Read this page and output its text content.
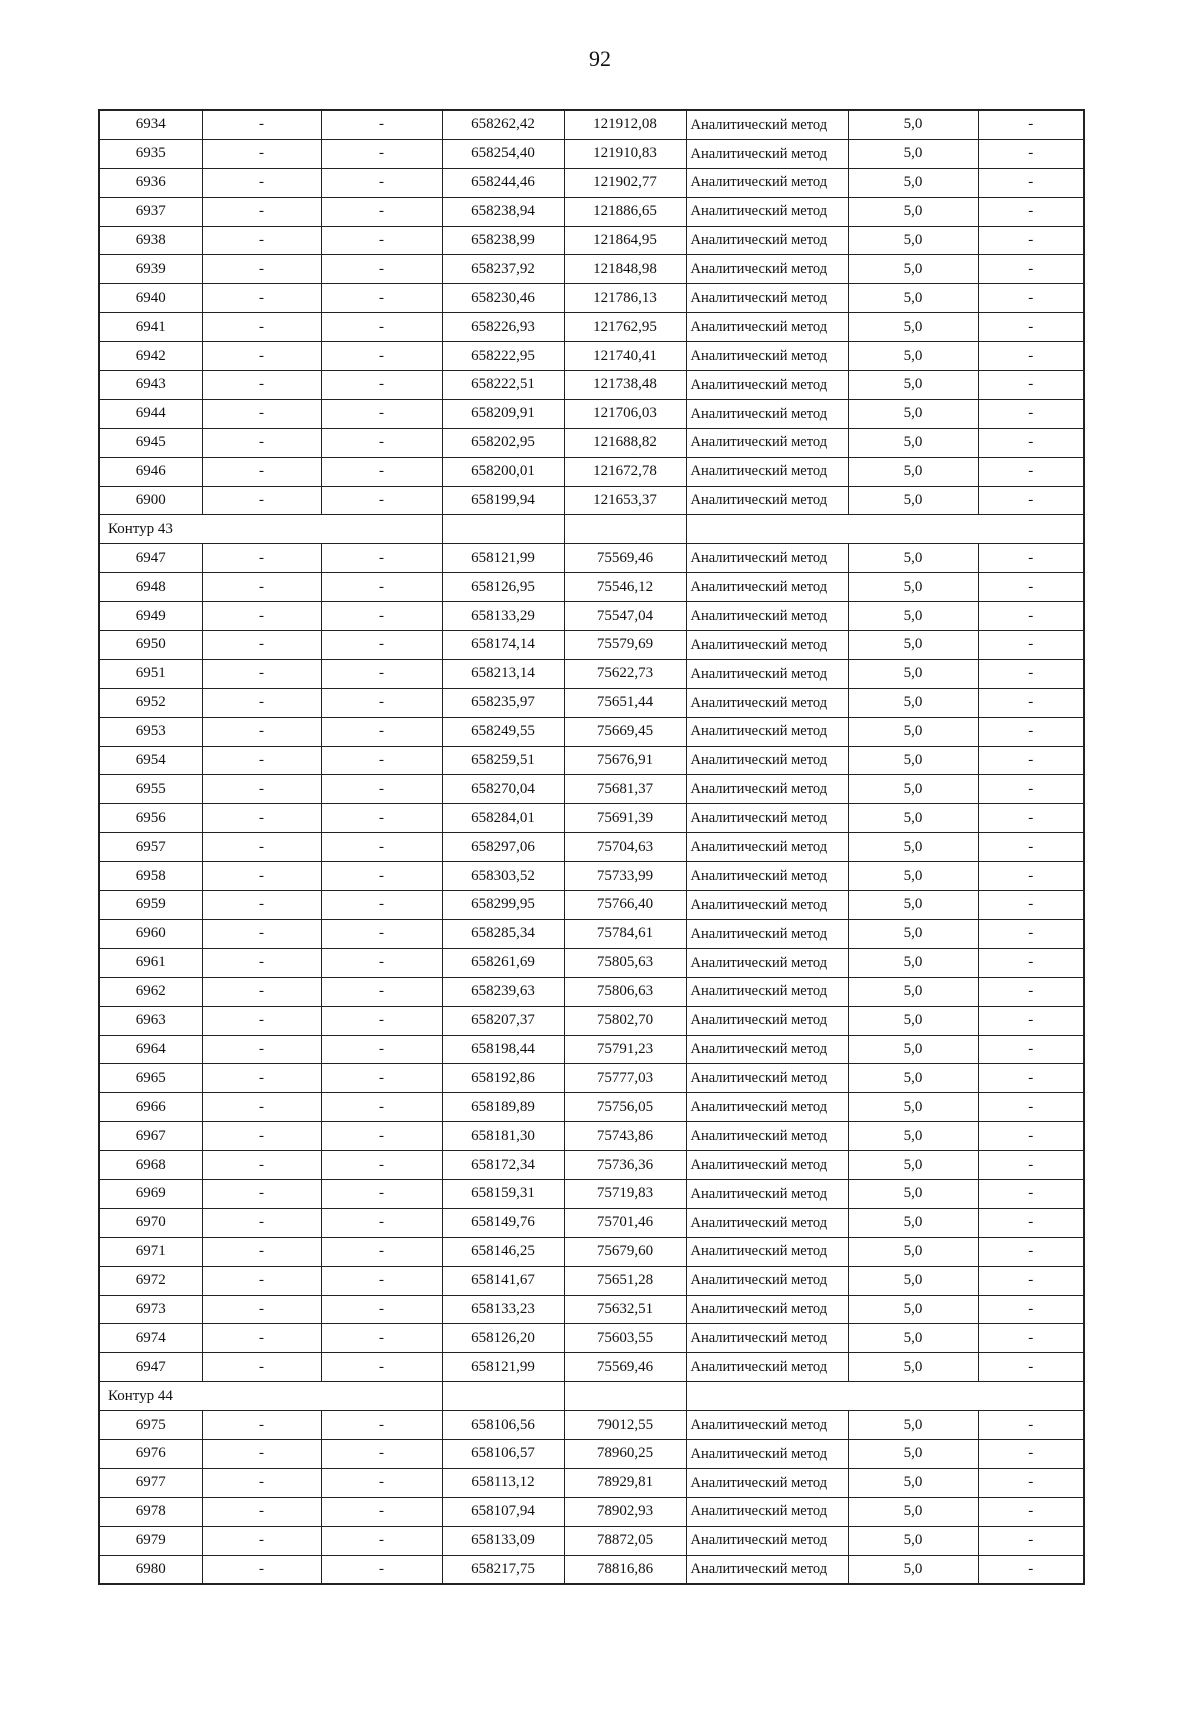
92
6934	-	-	658262,42	121912,08	Аналитический метод	5,0	-
6935	-	-	658254,40	121910,83	Аналитический метод	5,0	-
6936	-	-	658244,46	121902,77	Аналитический метод	5,0	-
6937	-	-	658238,94	121886,65	Аналитический метод	5,0	-
6938	-	-	658238,99	121864,95	Аналитический метод	5,0	-
6939	-	-	658237,92	121848,98	Аналитический метод	5,0	-
6940	-	-	658230,46	121786,13	Аналитический метод	5,0	-
6941	-	-	658226,93	121762,95	Аналитический метод	5,0	-
6942	-	-	658222,95	121740,41	Аналитический метод	5,0	-
6943	-	-	658222,51	121738,48	Аналитический метод	5,0	-
6944	-	-	658209,91	121706,03	Аналитический метод	5,0	-
6945	-	-	658202,95	121688,82	Аналитический метод	5,0	-
6946	-	-	658200,01	121672,78	Аналитический метод	5,0	-
6900	-	-	658199,94	121653,37	Аналитический метод	5,0	-
Контур 43							
6947	-	-	658121,99	75569,46	Аналитический метод	5,0	-
6948	-	-	658126,95	75546,12	Аналитический метод	5,0	-
6949	-	-	658133,29	75547,04	Аналитический метод	5,0	-
6950	-	-	658174,14	75579,69	Аналитический метод	5,0	-
6951	-	-	658213,14	75622,73	Аналитический метод	5,0	-
6952	-	-	658235,97	75651,44	Аналитический метод	5,0	-
6953	-	-	658249,55	75669,45	Аналитический метод	5,0	-
6954	-	-	658259,51	75676,91	Аналитический метод	5,0	-
6955	-	-	658270,04	75681,37	Аналитический метод	5,0	-
6956	-	-	658284,01	75691,39	Аналитический метод	5,0	-
6957	-	-	658297,06	75704,63	Аналитический метод	5,0	-
6958	-	-	658303,52	75733,99	Аналитический метод	5,0	-
6959	-	-	658299,95	75766,40	Аналитический метод	5,0	-
6960	-	-	658285,34	75784,61	Аналитический метод	5,0	-
6961	-	-	658261,69	75805,63	Аналитический метод	5,0	-
6962	-	-	658239,63	75806,63	Аналитический метод	5,0	-
6963	-	-	658207,37	75802,70	Аналитический метод	5,0	-
6964	-	-	658198,44	75791,23	Аналитический метод	5,0	-
6965	-	-	658192,86	75777,03	Аналитический метод	5,0	-
6966	-	-	658189,89	75756,05	Аналитический метод	5,0	-
6967	-	-	658181,30	75743,86	Аналитический метод	5,0	-
6968	-	-	658172,34	75736,36	Аналитический метод	5,0	-
6969	-	-	658159,31	75719,83	Аналитический метод	5,0	-
6970	-	-	658149,76	75701,46	Аналитический метод	5,0	-
6971	-	-	658146,25	75679,60	Аналитический метод	5,0	-
6972	-	-	658141,67	75651,28	Аналитический метод	5,0	-
6973	-	-	658133,23	75632,51	Аналитический метод	5,0	-
6974	-	-	658126,20	75603,55	Аналитический метод	5,0	-
6947	-	-	658121,99	75569,46	Аналитический метод	5,0	-
Контур 44							
6975	-	-	658106,56	79012,55	Аналитический метод	5,0	-
6976	-	-	658106,57	78960,25	Аналитический метод	5,0	-
6977	-	-	658113,12	78929,81	Аналитический метод	5,0	-
6978	-	-	658107,94	78902,93	Аналитический метод	5,0	-
6979	-	-	658133,09	78872,05	Аналитический метод	5,0	-
6980	-	-	658217,75	78816,86	Аналитический метод	5,0	-
